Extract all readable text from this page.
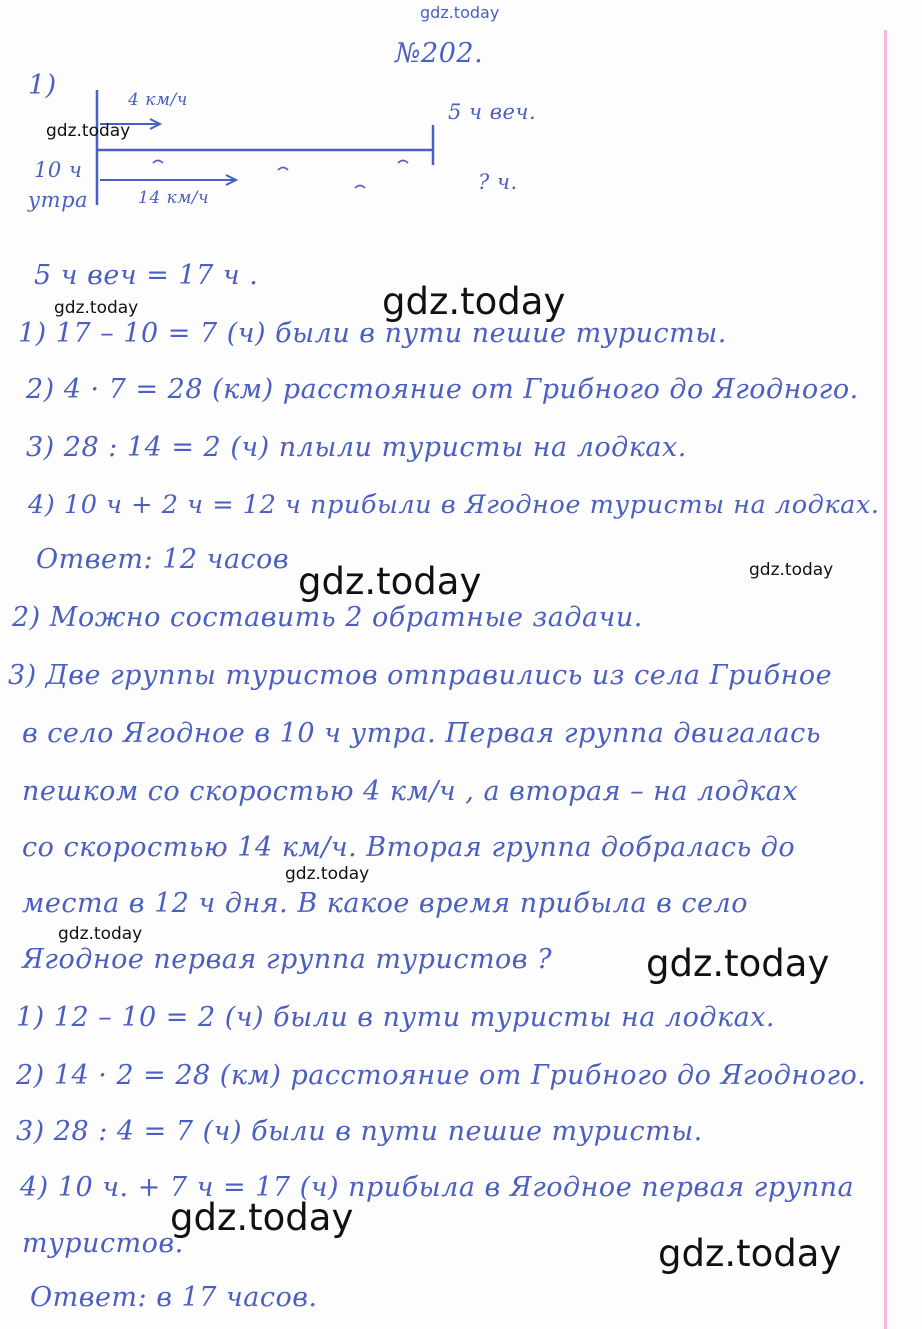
gdz.today
№202.
1)	4 км/ч	5 ч веч.
10 ч
утра	14 км/ч
? ч.
5 ч веч = 17 ч .
1) 17 – 10 = 7 (ч) были в пути пешие туристы.
2) 4 · 7 = 28 (км) расстояние от Грибного до Ягодного.
3) 28 : 14 = 2 (ч) плыли туристы на лодках.
4) 10 ч + 2 ч = 12 ч прибыли в Ягодное туристы на лодках.
Ответ: 12 часов
2) Можно составить 2 обратные задачи.
3) Две группы туристов отправились из села Грибное
в село Ягодное в 10 ч утра. Первая группа двигалась
пешком со скоростью 4 км/ч , а вторая – на лодках
со скоростью 14 км/ч. Вторая группа добралась до
места в 12 ч дня. В какое время прибыла в село
Ягодное первая группа туристов ?
1) 12 – 10 = 2 (ч) были в пути туристы на лодках.
2) 14 · 2 = 28 (км) расстояние от Грибного до Ягодного.
3) 28 : 4 = 7 (ч) были в пути пешие туристы.
4) 10 ч. + 7 ч = 17 (ч) прибыла в Ягодное первая группа
туристов.
Ответ: в 17 часов.
gdz.today
gdz.today	gdz.today
gdz.today	gdz.today
gdz.today
gdz.today
gdz.today
gdz.today
gdz.today
